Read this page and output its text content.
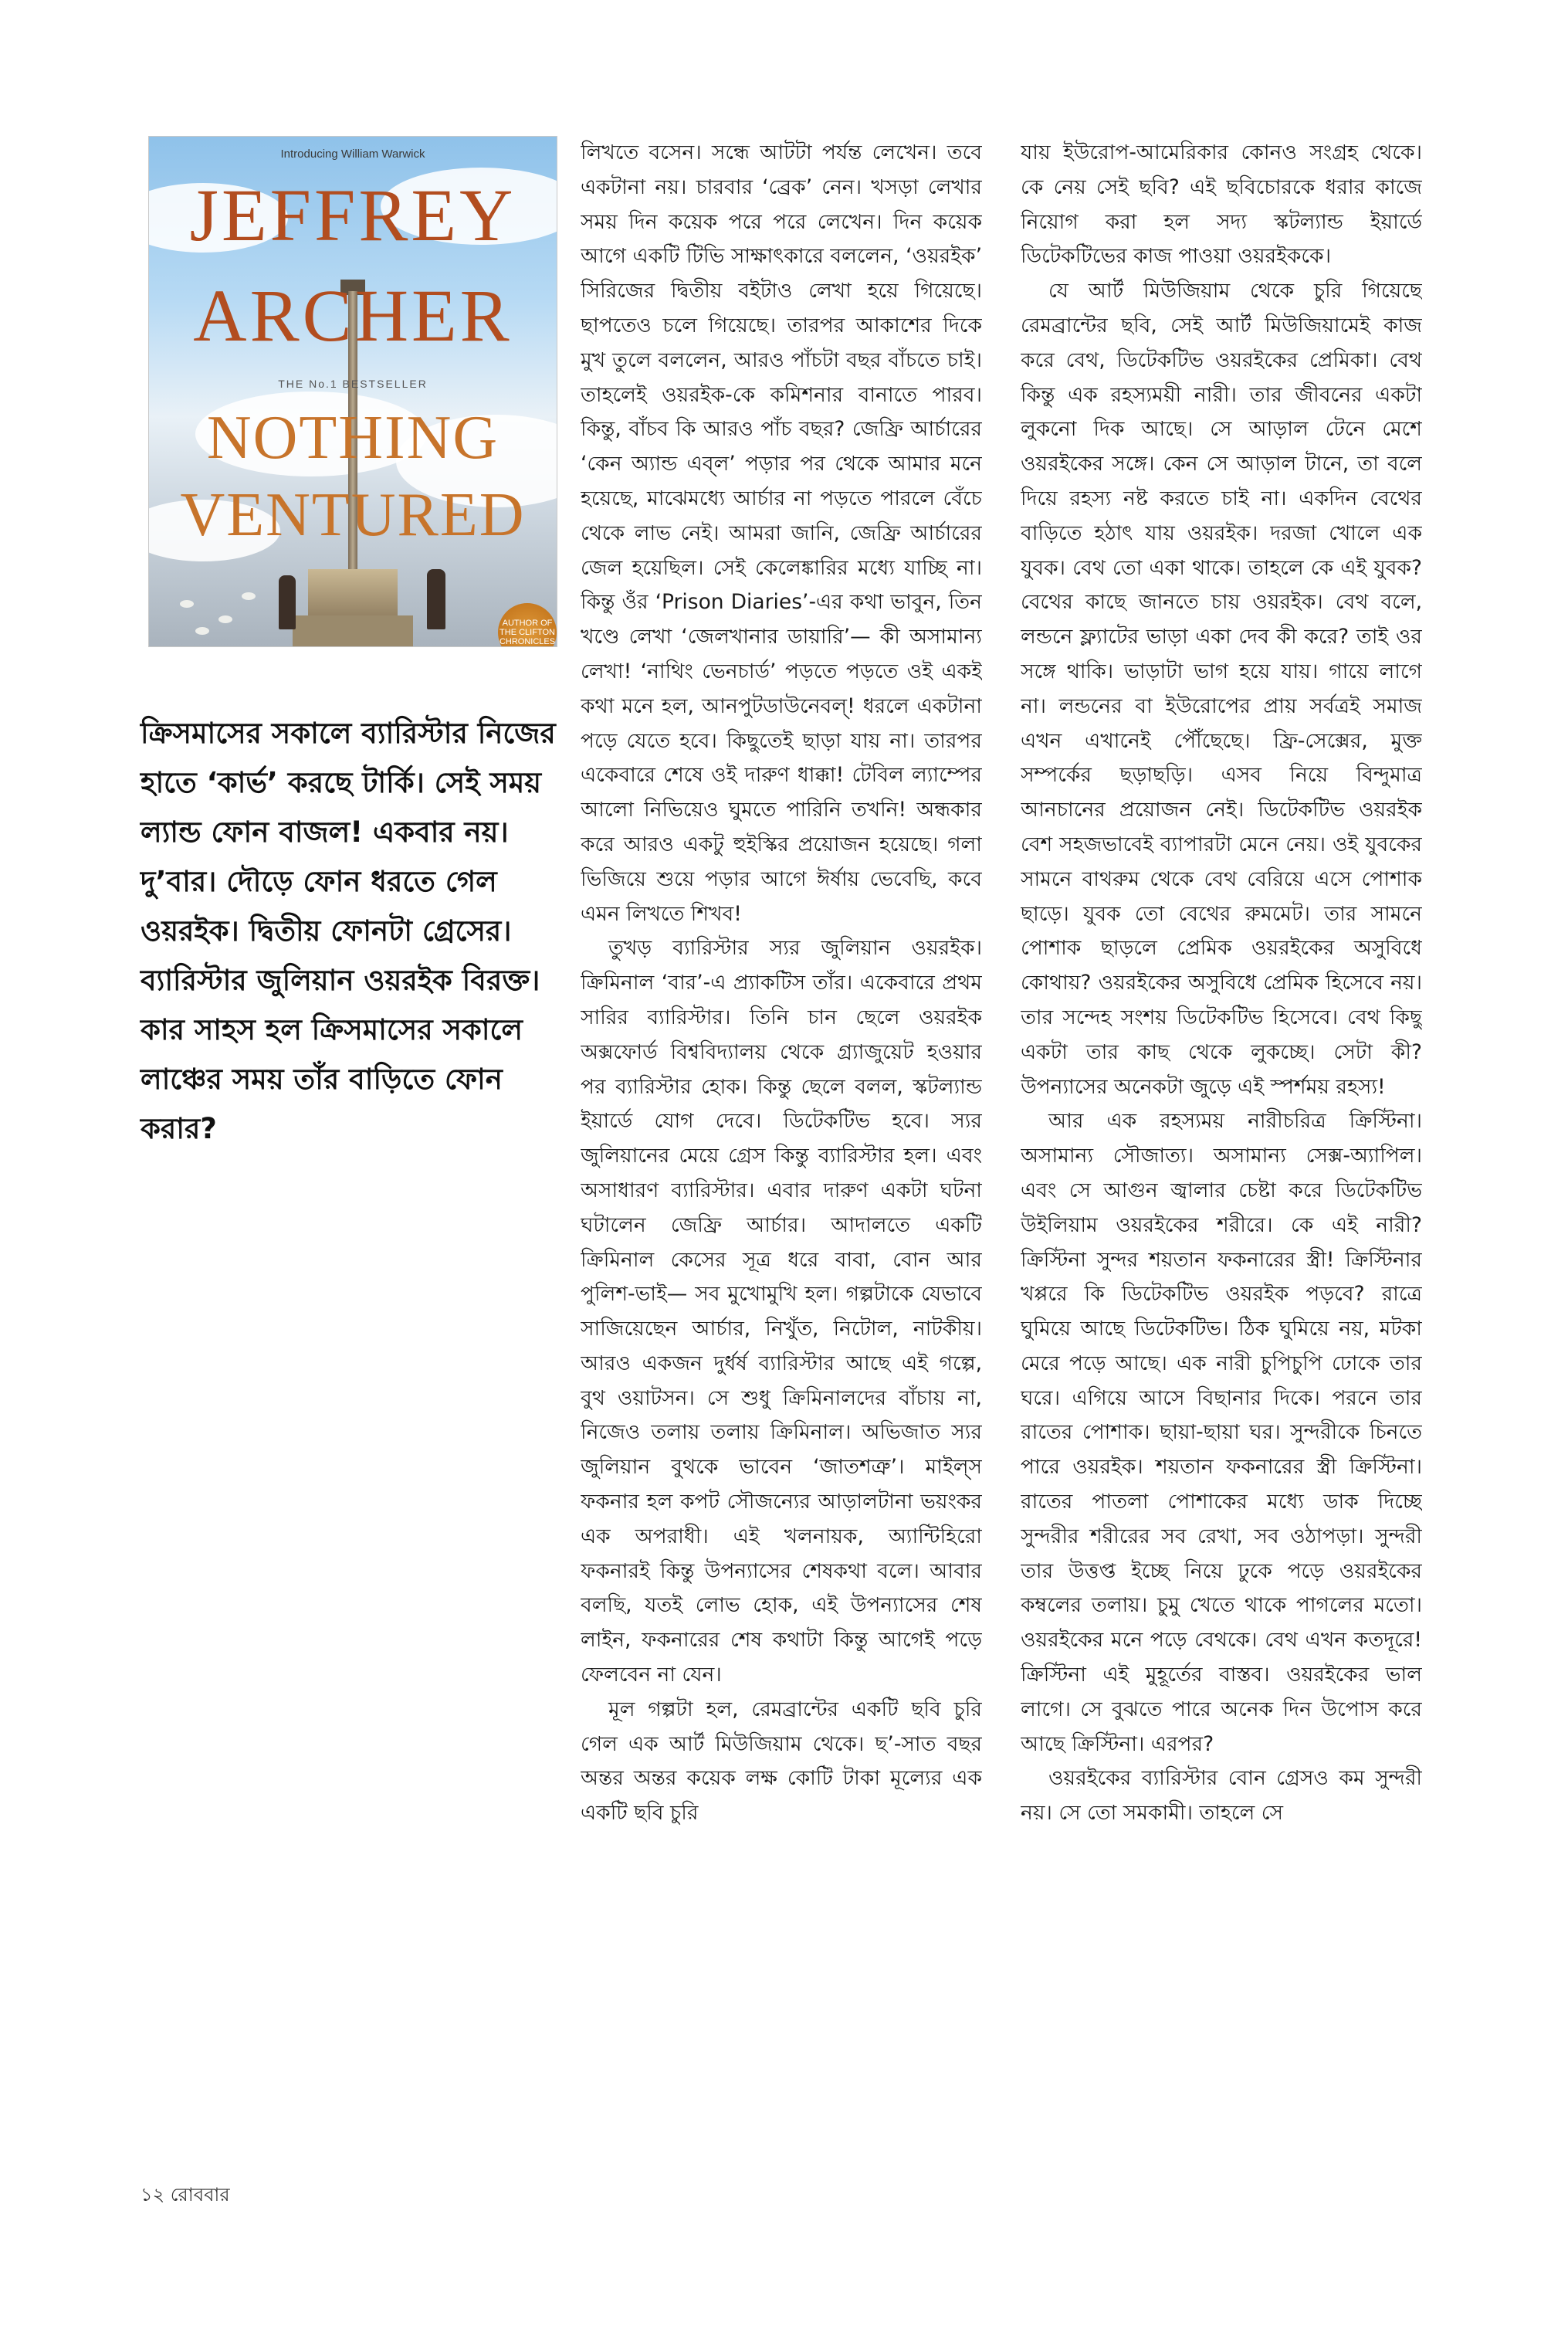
Introducing William Warwick
JEFFREY
ARCHER
THE No.1 BESTSELLER
NOTHING
VENTURED
AUTHOR OF THE CLIFTON CHRONICLES

ক্রিসমাসের সকালে ব্যারিস্টার নিজের হাতে ‘কার্ভ’ করছে টার্কি। সেই সময় ল্যান্ড ফোন বাজল! একবার নয়। দু’বার। দৌড়ে ফোন ধরতে গেল ওয়রইক। দ্বিতীয় ফোনটা গ্রেসের। ব্যারিস্টার জুলিয়ান ওয়রইক বিরক্ত। কার সাহস হল ক্রিসমাসের সকালে লাঞ্চের সময় তাঁর বাড়িতে ফোন করার?

লিখতে বসেন। সন্ধে আটটা পর্যন্ত লেখেন। তবে একটানা নয়। চারবার ‘ব্রেক’ নেন। খসড়া লেখার সময় দিন কয়েক পরে পরে লেখেন। দিন কয়েক আগে একটি টিভি সাক্ষাৎকারে বললেন, ‘ওয়রইক’ সিরিজের দ্বিতীয় বইটাও লেখা হয়ে গিয়েছে। ছাপতেও চলে গিয়েছে। তারপর আকাশের দিকে মুখ তুলে বললেন, আরও পাঁচটা বছর বাঁচতে চাই। তাহলেই ওয়রইক-কে কমিশনার বানাতে পারব। কিন্তু, বাঁচব কি আরও পাঁচ বছর? জেফ্রি আর্চারের ‘কেন অ্যান্ড এব্‌ল’ পড়ার পর থেকে আমার মনে হয়েছে, মাঝেমধ্যে আর্চার না পড়তে পারলে বেঁচে থেকে লাভ নেই। আমরা জানি, জেফ্রি আর্চারের জেল হয়েছিল। সেই কেলেঙ্কারির মধ্যে যাচ্ছি না। কিন্তু ওঁর ‘Prison Diaries’-এর কথা ভাবুন, তিন খণ্ডে লেখা ‘জেলখানার ডায়ারি’— কী অসামান্য লেখা! ‘নাথিং ভেনচার্ড’ পড়তে পড়তে ওই একই কথা মনে হল, আনপুটডাউনেবল্! ধরলে একটানা পড়ে যেতে হবে। কিছুতেই ছাড়া যায় না। তারপর একেবারে শেষে ওই দারুণ ধাক্কা! টেবিল ল্যাম্পের আলো নিভিয়েও ঘুমতে পারিনি তখনি! অন্ধকার করে আরও একটু হুইস্কির প্রয়োজন হয়েছে। গলা ভিজিয়ে শুয়ে পড়ার আগে ঈর্ষায় ভেবেছি, কবে এমন লিখতে শিখব!

তুখড় ব্যারিস্টার স্যর জুলিয়ান ওয়রইক। ক্রিমিনাল ‘বার’-এ প্র্যাকটিস তাঁর। একেবারে প্রথম সারির ব্যারিস্টার। তিনি চান ছেলে ওয়রইক অক্সফোর্ড বিশ্ববিদ্যালয় থেকে গ্র্যাজুয়েট হওয়ার পর ব্যারিস্টার হোক। কিন্তু ছেলে বলল, স্কটল্যান্ড ইয়ার্ডে যোগ দেবে। ডিটেকটিভ হবে। স্যর জুলিয়ানের মেয়ে গ্রেস কিন্তু ব্যারিস্টার হল। এবং অসাধারণ ব্যারিস্টার। এবার দারুণ একটা ঘটনা ঘটালেন জেফ্রি আর্চার। আদালতে একটি ক্রিমিনাল কেসের সূত্র ধরে বাবা, বোন আর পুলিশ-ভাই— সব মুখোমুখি হল। গল্পটাকে যেভাবে সাজিয়েছেন আর্চার, নিখুঁত, নিটোল, নাটকীয়। আরও একজন দুর্ধর্ষ ব্যারিস্টার আছে এই গল্পে, বুথ ওয়াটসন। সে শুধু ক্রিমিনালদের বাঁচায় না, নিজেও তলায় তলায় ক্রিমিনাল। অভিজাত স্যর জুলিয়ান বুথকে ভাবেন ‘জাতশত্রু’। মাইল্‌স ফকনার হল কপট সৌজন্যের আড়ালটানা ভয়ংকর এক অপরাধী। এই খলনায়ক, অ্যান্টিহিরো ফকনারই কিন্তু উপন্যাসের শেষকথা বলে। আবার বলছি, যতই লোভ হোক, এই উপন্যাসের শেষ লাইন, ফকনারের শেষ কথাটা কিন্তু আগেই পড়ে ফেলবেন না যেন।

মূল গল্পটা হল, রেমব্রান্টের একটি ছবি চুরি গেল এক আর্ট মিউজিয়াম থেকে। ছ’-সাত বছর অন্তর অন্তর কয়েক লক্ষ কোটি টাকা মূল্যের এক একটি ছবি চুরি

যায় ইউরোপ-আমেরিকার কোনও সংগ্রহ থেকে। কে নেয় সেই ছবি? এই ছবিচোরকে ধরার কাজে নিয়োগ করা হল সদ্য স্কটল্যান্ড ইয়ার্ডে ডিটেকটিভের কাজ পাওয়া ওয়রইককে।

যে আর্ট মিউজিয়াম থেকে চুরি গিয়েছে রেমব্রান্টের ছবি, সেই আর্ট মিউজিয়ামেই কাজ করে বেথ, ডিটেকটিভ ওয়রইকের প্রেমিকা। বেথ কিন্তু এক রহস্যময়ী নারী। তার জীবনের একটা লুকনো দিক আছে। সে আড়াল টেনে মেশে ওয়রইকের সঙ্গে। কেন সে আড়াল টানে, তা বলে দিয়ে রহস্য নষ্ট করতে চাই না। একদিন বেথের বাড়িতে হঠাৎ যায় ওয়রইক। দরজা খোলে এক যুবক। বেথ তো একা থাকে। তাহলে কে এই যুবক? বেথের কাছে জানতে চায় ওয়রইক। বেথ বলে, লন্ডনে ফ্ল্যাটের ভাড়া একা দেব কী করে? তাই ওর সঙ্গে থাকি। ভাড়াটা ভাগ হয়ে যায়। গায়ে লাগে না। লন্ডনের বা ইউরোপের প্রায় সর্বত্রই সমাজ এখন এখানেই পৌঁছেছে। ফ্রি-সেক্সের, মুক্ত সম্পর্কের ছড়াছড়ি। এসব নিয়ে বিন্দুমাত্র আনচানের প্রয়োজন নেই। ডিটেকটিভ ওয়রইক বেশ সহজভাবেই ব্যাপারটা মেনে নেয়। ওই যুবকের সামনে বাথরুম থেকে বেথ বেরিয়ে এসে পোশাক ছাড়ে। যুবক তো বেথের রুমমেট। তার সামনে পোশাক ছাড়লে প্রেমিক ওয়রইকের অসুবিধে কোথায়? ওয়রইকের অসুবিধে প্রেমিক হিসেবে নয়। তার সন্দেহ সংশয় ডিটেকটিভ হিসেবে। বেথ কিছু একটা তার কাছ থেকে লুকচ্ছে। সেটা কী? উপন্যাসের অনেকটা জুড়ে এই স্পর্শময় রহস্য!

আর এক রহস্যময় নারীচরিত্র ক্রিস্টিনা। অসামান্য সৌজাত্য। অসামান্য সেক্স-অ্যাপিল। এবং সে আগুন জ্বালার চেষ্টা করে ডিটেকটিভ উইলিয়াম ওয়রইকের শরীরে। কে এই নারী? ক্রিস্টিনা সুন্দর শয়তান ফকনারের স্ত্রী! ক্রিস্টিনার খপ্পরে কি ডিটেকটিভ ওয়রইক পড়বে? রাত্রে ঘুমিয়ে আছে ডিটেকটিভ। ঠিক ঘুমিয়ে নয়, মটকা মেরে পড়ে আছে। এক নারী চুপিচুপি ঢোকে তার ঘরে। এগিয়ে আসে বিছানার দিকে। পরনে তার রাতের পোশাক। ছায়া-ছায়া ঘর। সুন্দরীকে চিনতে পারে ওয়রইক। শয়তান ফকনারের স্ত্রী ক্রিস্টিনা। রাতের পাতলা পোশাকের মধ্যে ডাক দিচ্ছে সুন্দরীর শরীরের সব রেখা, সব ওঠাপড়া। সুন্দরী তার উত্তপ্ত ইচ্ছে নিয়ে ঢুকে পড়ে ওয়রইকের কম্বলের তলায়। চুমু খেতে থাকে পাগলের মতো। ওয়রইকের মনে পড়ে বেথকে। বেথ এখন কতদূরে! ক্রিস্টিনা এই মুহূর্তের বাস্তব। ওয়রইকের ভাল লাগে। সে বুঝতে পারে অনেক দিন উপোস করে আছে ক্রিস্টিনা। এরপর?

ওয়রইকের ব্যারিস্টার বোন গ্রেসও কম সুন্দরী নয়। সে তো সমকামী। তাহলে সে

১২ রোববার
